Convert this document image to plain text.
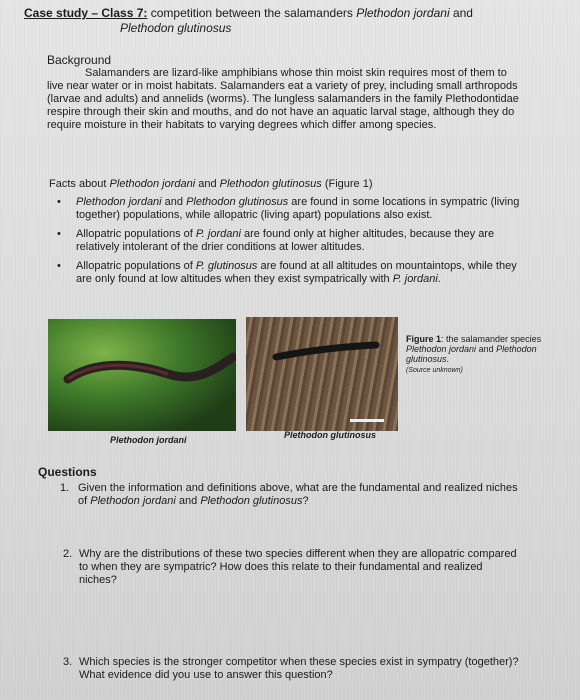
Case study – Class 7: competition between the salamanders Plethodon jordani and
Plethodon glutinosus
Background
Salamanders are lizard-like amphibians whose thin moist skin requires most of them to live near water or in moist habitats. Salamanders eat a variety of prey, including small arthropods (larvae and adults) and annelids (worms). The lungless salamanders in the family Plethodontidae respire through their skin and mouths, and do not have an aquatic larval stage, although they do require moisture in their habitats to varying degrees which differ among species.
Facts about Plethodon jordani and Plethodon glutinosus (Figure 1)
• Plethodon jordani and Plethodon glutinosus are found in some locations in sympatric (living together) populations, while allopatric (living apart) populations also exist.
• Allopatric populations of P. jordani are found only at higher altitudes, because they are relatively intolerant of the drier conditions at lower altitudes.
• Allopatric populations of P. glutinosus are found at all altitudes on mountaintops, while they are only found at low altitudes when they exist sympatrically with P. jordani.
Plethodon jordani	Plethodon glutinosus
Figure 1: the salamander species Plethodon jordani and Plethodon glutinosus.
(Source unknown)
Questions
1. Given the information and definitions above, what are the fundamental and realized niches of Plethodon jordani and Plethodon glutinosus?
2. Why are the distributions of these two species different when they are allopatric compared to when they are sympatric? How does this relate to their fundamental and realized niches?
3. Which species is the stronger competitor when these species exist in sympatry (together)? What evidence did you use to answer this question?
